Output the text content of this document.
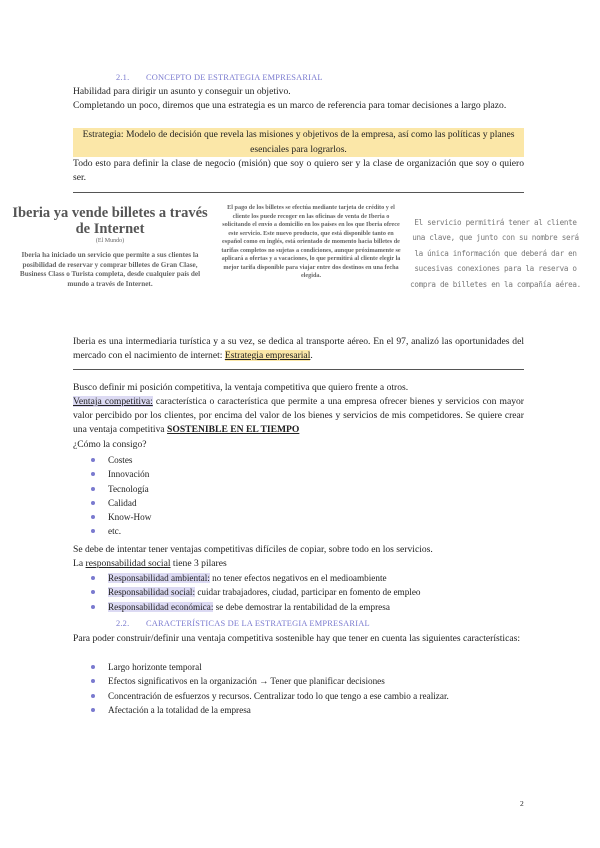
2.1. CONCEPTO DE ESTRATEGIA EMPRESARIAL
Habilidad para dirigir un asunto y conseguir un objetivo.
Completando un poco, diremos que una estrategia es un marco de referencia para tomar decisiones a largo plazo.
Estrategia: Modelo de decisión que revela las misiones y objetivos de la empresa, así como las políticas y planes
esenciales para lograrlos.
Todo esto para definir la clase de negocio (misión) que soy o quiero ser y la clase de organización que soy o quiero ser.
Iberia ya vende billetes a través de Internet
(El Mundo)
Iberia ha iniciado un servicio que permite a sus clientes la posibilidad de reservar y comprar billetes de Gran Clase, Business Class o Turista completa, desde cualquier país del mundo a través de Internet.
El pago de los billetes se efectúa mediante tarjeta de crédito y el cliente los puede recoger en las oficinas de venta de Iberia o solicitando el envío a domicilio en los países en los que Iberia ofrece este servicio. Este nuevo producto, que está disponible tanto en español como en inglés, está orientado de momento hacia billetes de tarifas completos no sujetas a condiciones, aunque próximamente se aplicará a ofertas y a vacaciones, lo que permitirá al cliente elegir la mejor tarifa disponible para viajar entre dos destinos en una fecha elegida.
El servicio permitirá tener al cliente una clave, que junto con su nombre será la única información que deberá dar en sucesivas conexiones para la reserva o compra de billetes en la compañía aérea.
Iberia es una intermediaria turística y a su vez, se dedica al transporte aéreo. En el 97, analizó las oportunidades del mercado con el nacimiento de internet: Estrategia empresarial.
Busco definir mi posición competitiva, la ventaja competitiva que quiero frente a otros.
Ventaja competitiva: característica o característica que permite a una empresa ofrecer bienes y servicios con mayor valor percibido por los clientes, por encima del valor de los bienes y servicios de mis competidores. Se quiere crear una ventaja competitiva SOSTENIBLE EN EL TIEMPO
¿Cómo la consigo?
Costes
Innovación
Tecnología
Calidad
Know-How
etc.
Se debe de intentar tener ventajas competitivas difíciles de copiar, sobre todo en los servicios.
La responsabilidad social tiene 3 pilares
Responsabilidad ambiental: no tener efectos negativos en el medioambiente
Responsabilidad social: cuidar trabajadores, ciudad, participar en fomento de empleo
Responsabilidad económica: se debe demostrar la rentabilidad de la empresa
2.2. CARACTERÍSTICAS DE LA ESTRATEGIA EMPRESARIAL
Para poder construir/definir una ventaja competitiva sostenible hay que tener en cuenta las siguientes características:
Largo horizonte temporal
Efectos significativos en la organización → Tener que planificar decisiones
Concentración de esfuerzos y recursos. Centralizar todo lo que tengo a ese cambio a realizar.
Afectación a la totalidad de la empresa
2
